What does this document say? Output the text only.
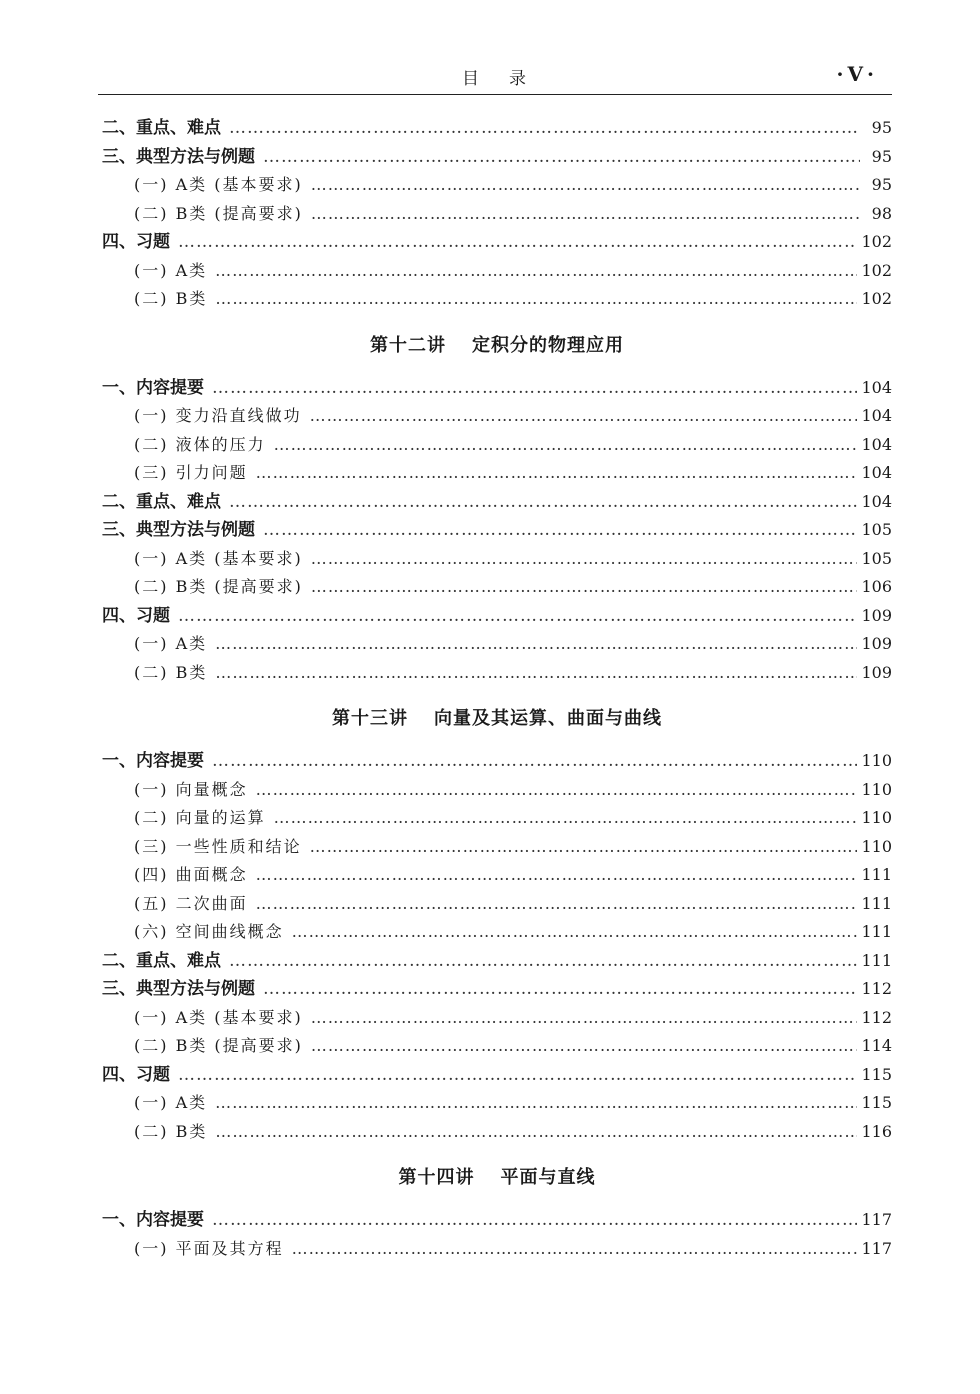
目 录	·V·
二、重点、难点 ……………………………………………………………………………………………………………………………………………………………………………………………………………………………………	95
三、典型方法与例题 ……………………………………………………………………………………………………………………………………………………………………………………………………………………………………	95
(一) A类 (基本要求) ……………………………………………………………………………………………………………………………………………………………………………………………………………………………………	95
(二) B类 (提高要求) ……………………………………………………………………………………………………………………………………………………………………………………………………………………………………	98
四、习题 ……………………………………………………………………………………………………………………………………………………………………………………………………………………………………	102
(一) A类 ……………………………………………………………………………………………………………………………………………………………………………………………………………………………………	102
(二) B类 ……………………………………………………………………………………………………………………………………………………………………………………………………………………………………	102
第十二讲 定积分的物理应用
一、内容提要 ……………………………………………………………………………………………………………………………………………………………………………………………………………………………………	104
(一) 变力沿直线做功 ……………………………………………………………………………………………………………………………………………………………………………………………………………………………………	104
(二) 液体的压力 ……………………………………………………………………………………………………………………………………………………………………………………………………………………………………	104
(三) 引力问题 ……………………………………………………………………………………………………………………………………………………………………………………………………………………………………	104
二、重点、难点 ……………………………………………………………………………………………………………………………………………………………………………………………………………………………………	104
三、典型方法与例题 ……………………………………………………………………………………………………………………………………………………………………………………………………………………………………	105
(一) A类 (基本要求) ……………………………………………………………………………………………………………………………………………………………………………………………………………………………………	105
(二) B类 (提高要求) ……………………………………………………………………………………………………………………………………………………………………………………………………………………………………	106
四、习题 ……………………………………………………………………………………………………………………………………………………………………………………………………………………………………	109
(一) A类 ……………………………………………………………………………………………………………………………………………………………………………………………………………………………………	109
(二) B类 ……………………………………………………………………………………………………………………………………………………………………………………………………………………………………	109
第十三讲 向量及其运算、曲面与曲线
一、内容提要 ……………………………………………………………………………………………………………………………………………………………………………………………………………………………………	110
(一) 向量概念 ……………………………………………………………………………………………………………………………………………………………………………………………………………………………………	110
(二) 向量的运算 ……………………………………………………………………………………………………………………………………………………………………………………………………………………………………	110
(三) 一些性质和结论 ……………………………………………………………………………………………………………………………………………………………………………………………………………………………………	110
(四) 曲面概念 ……………………………………………………………………………………………………………………………………………………………………………………………………………………………………	111
(五) 二次曲面 ……………………………………………………………………………………………………………………………………………………………………………………………………………………………………	111
(六) 空间曲线概念 ……………………………………………………………………………………………………………………………………………………………………………………………………………………………………	111
二、重点、难点 ……………………………………………………………………………………………………………………………………………………………………………………………………………………………………	111
三、典型方法与例题 ……………………………………………………………………………………………………………………………………………………………………………………………………………………………………	112
(一) A类 (基本要求) ……………………………………………………………………………………………………………………………………………………………………………………………………………………………………	112
(二) B类 (提高要求) ……………………………………………………………………………………………………………………………………………………………………………………………………………………………………	114
四、习题 ……………………………………………………………………………………………………………………………………………………………………………………………………………………………………	115
(一) A类 ……………………………………………………………………………………………………………………………………………………………………………………………………………………………………	115
(二) B类 ……………………………………………………………………………………………………………………………………………………………………………………………………………………………………	116
第十四讲 平面与直线
一、内容提要 ……………………………………………………………………………………………………………………………………………………………………………………………………………………………………	117
(一) 平面及其方程 ……………………………………………………………………………………………………………………………………………………………………………………………………………………………………	117
